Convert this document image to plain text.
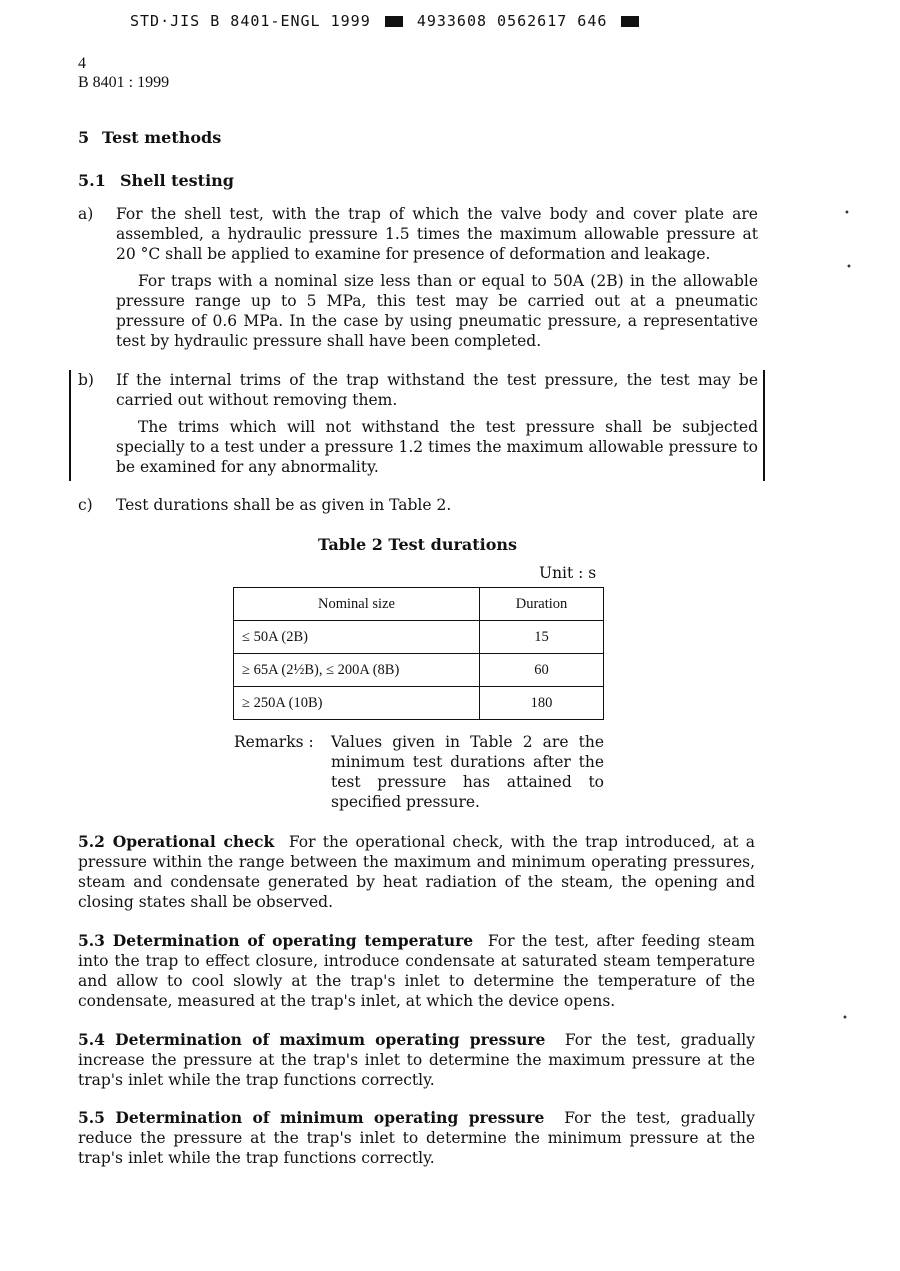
STD·JIS B 8401-ENGL 1999	4933608 0562617 646
4
B 8401 : 1999
5 Test methods
5.1 Shell testing
a) For the shell test, with the trap of which the valve body and cover plate are assembled, a hydraulic pressure 1.5 times the maximum allowable pressure at 20 °C shall be applied to examine for presence of deformation and leakage.
For traps with a nominal size less than or equal to 50A (2B) in the allowable pressure range up to 5 MPa, this test may be carried out at a pneumatic pressure of 0.6 MPa. In the case by using pneumatic pressure, a representative test by hydraulic pressure shall have been completed.
b) If the internal trims of the trap withstand the test pressure, the test may be carried out without removing them.
The trims which will not withstand the test pressure shall be subjected specially to a test under a pressure 1.2 times the maximum allowable pressure to be examined for any abnormality.
c) Test durations shall be as given in Table 2.
Table 2 Test durations
Unit : s
Nominal size	Duration
≤ 50A (2B)	15
≥ 65A (2½B), ≤ 200A (8B)	60
≥ 250A (10B)	180
Remarks : Values given in Table 2 are the minimum test durations after the test pressure has attained to specified pressure.
5.2 Operational check For the operational check, with the trap introduced, at a pressure within the range between the maximum and minimum operating pressures, steam and condensate generated by heat radiation of the steam, the opening and closing states shall be observed.
5.3 Determination of operating temperature For the test, after feeding steam into the trap to effect closure, introduce condensate at saturated steam temperature and allow to cool slowly at the trap's inlet to determine the temperature of the condensate, measured at the trap's inlet, at which the device opens.
5.4 Determination of maximum operating pressure For the test, gradually increase the pressure at the trap's inlet to determine the maximum pressure at the trap's inlet while the trap functions correctly.
5.5 Determination of minimum operating pressure For the test, gradually reduce the pressure at the trap's inlet to determine the minimum pressure at the trap's inlet while the trap functions correctly.
•
•
•
